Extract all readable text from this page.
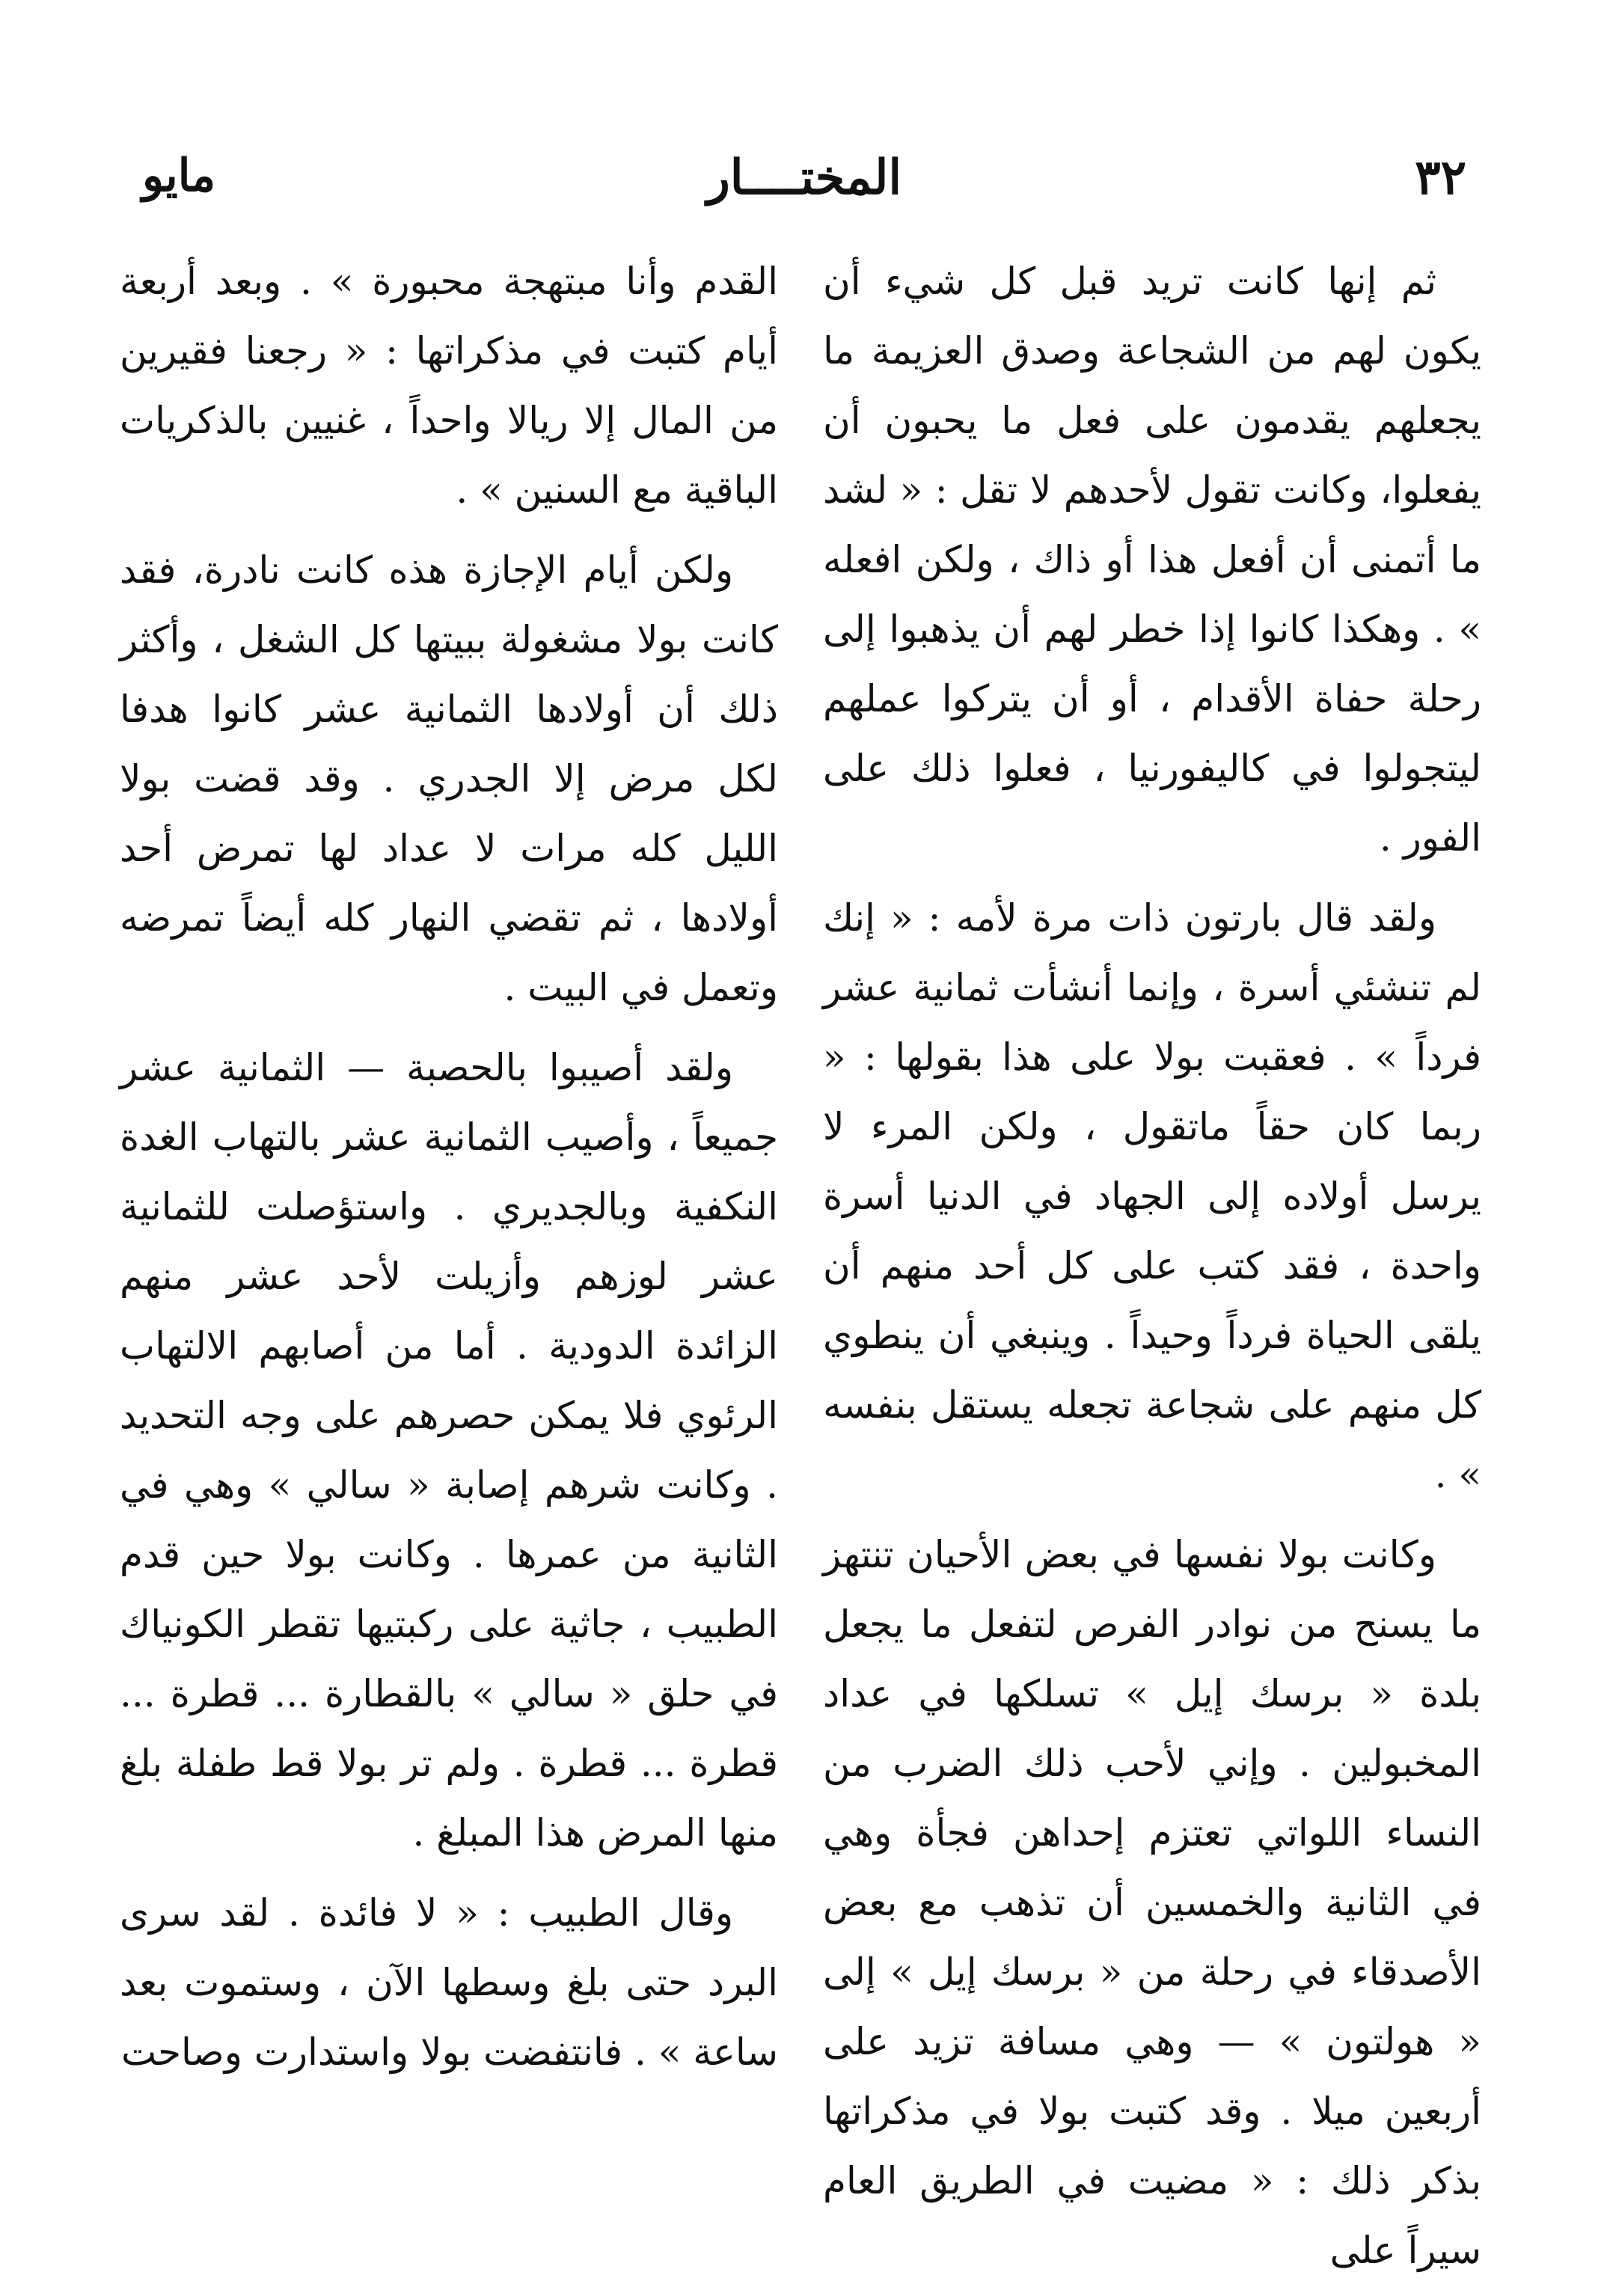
٣٢
المختــــار
مايو

ثم إنها كانت تريد قبل كل شيء أن يكون لهم من الشجاعة وصدق العزيمة ما يجعلهم يقدمون على فعل ما يحبون أن يفعلوا، وكانت تقول لأحدهم لا تقل : « لشد ما أتمنى أن أفعل هذا أو ذاك ، ولكن افعله » . وهكذا كانوا إذا خطر لهم أن يذهبوا إلى رحلة حفاة الأقدام ، أو أن يتركوا عملهم ليتجولوا في كاليفورنيا ، فعلوا ذلك على الفور .

ولقد قال بارتون ذات مرة لأمه : « إنك لم تنشئي أسرة ، وإنما أنشأت ثمانية عشر فرداً » . فعقبت بولا على هذا بقولها : « ربما كان حقاً ماتقول ، ولكن المرء لا يرسل أولاده إلى الجهاد في الدنيا أسرة واحدة ، فقد كتب على كل أحد منهم أن يلقى الحياة فرداً وحيداً . وينبغي أن ينطوي كل منهم على شجاعة تجعله يستقل بنفسه » .

وكانت بولا نفسها في بعض الأحيان تنتهز ما يسنح من نوادر الفرص لتفعل ما يجعل بلدة « برسك إيل » تسلكها في عداد المخبولين . وإني لأحب ذلك الضرب من النساء اللواتي تعتزم إحداهن فجأة وهي في الثانية والخمسين أن تذهب مع بعض الأصدقاء في رحلة من « برسك إيل » إلى « هولتون » — وهي مسافة تزيد على أربعين ميلا . وقد كتبت بولا في مذكراتها بذكر ذلك : « مضيت في الطريق العام سيراً على

القدم وأنا مبتهجة محبورة » . وبعد أربعة أيام كتبت في مذكراتها : « رجعنا فقيرين من المال إلا ريالا واحداً ، غنيين بالذكريات الباقية مع السنين » .

ولكن أيام الإجازة هذه كانت نادرة، فقد كانت بولا مشغولة ببيتها كل الشغل ، وأكثر ذلك أن أولادها الثمانية عشر كانوا هدفا لكل مرض إلا الجدري . وقد قضت بولا الليل كله مرات لا عداد لها تمرض أحد أولادها ، ثم تقضي النهار كله أيضاً تمرضه وتعمل في البيت .

ولقد أصيبوا بالحصبة — الثمانية عشر جميعاً ، وأصيب الثمانية عشر بالتهاب الغدة النكفية وبالجديري . واستؤصلت للثمانية عشر لوزهم وأزيلت لأحد عشر منهم الزائدة الدودية . أما من أصابهم الالتهاب الرئوي فلا يمكن حصرهم على وجه التحديد . وكانت شرهم إصابة « سالي » وهي في الثانية من عمرها . وكانت بولا حين قدم الطبيب ، جاثية على ركبتيها تقطر الكونياك في حلق « سالي » بالقطارة ... قطرة ... قطرة ... قطرة . ولم تر بولا قط طفلة بلغ منها المرض هذا المبلغ .

وقال الطبيب : « لا فائدة . لقد سرى البرد حتى بلغ وسطها الآن ، وستموت بعد ساعة » . فانتفضت بولا واستدارت وصاحت
